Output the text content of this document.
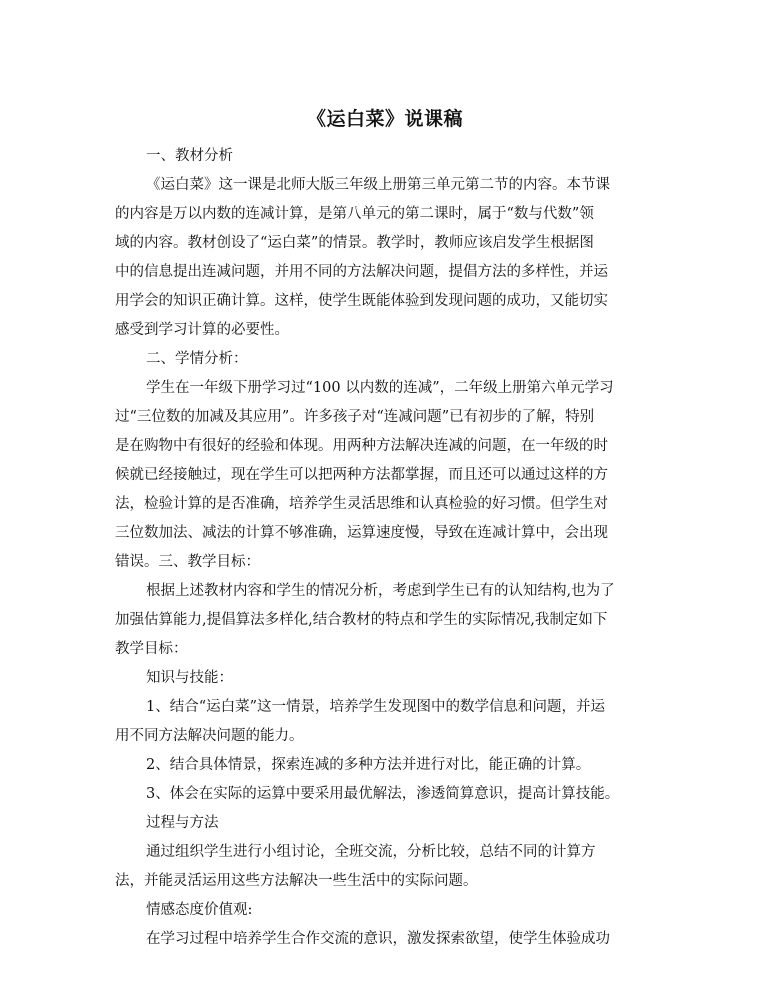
《运白菜》说课稿
一、教材分析
《运白菜》这一课是北师大版三年级上册第三单元第二节的内容。本节课
的内容是万以内数的连减计算，是第八单元的第二课时，属于“数与代数”领
域的内容。教材创设了“运白菜”的情景。教学时，教师应该启发学生根据图
中的信息提出连减问题，并用不同的方法解决问题，提倡方法的多样性，并运
用学会的知识正确计算。这样，使学生既能体验到发现问题的成功，又能切实
感受到学习计算的必要性。
二、学情分析：
学生在一年级下册学习过“100 以内数的连减”，二年级上册第六单元学习
过“三位数的加减及其应用”。许多孩子对“连减问题”已有初步的了解，特别
是在购物中有很好的经验和体现。用两种方法解决连减的问题，在一年级的时
候就已经接触过，现在学生可以把两种方法都掌握，而且还可以通过这样的方
法，检验计算的是否准确，培养学生灵活思维和认真检验的好习惯。但学生对
三位数加法、减法的计算不够准确，运算速度慢，导致在连减计算中，会出现
错误。三、教学目标：
根据上述教材内容和学生的情况分析，考虑到学生已有的认知结构,也为了
加强估算能力,提倡算法多样化,结合教材的特点和学生的实际情况,我制定如下
教学目标：
知识与技能：
1、结合“运白菜”这一情景，培养学生发现图中的数学信息和问题，并运
用不同方法解决问题的能力。
2、结合具体情景，探索连减的多种方法并进行对比，能正确的计算。
3、体会在实际的运算中要采用最优解法，渗透简算意识，提高计算技能。
过程与方法
通过组织学生进行小组讨论，全班交流，分析比较，总结不同的计算方
法，并能灵活运用这些方法解决一些生活中的实际问题。
情感态度价值观:
在学习过程中培养学生合作交流的意识，激发探索欲望，使学生体验成功
